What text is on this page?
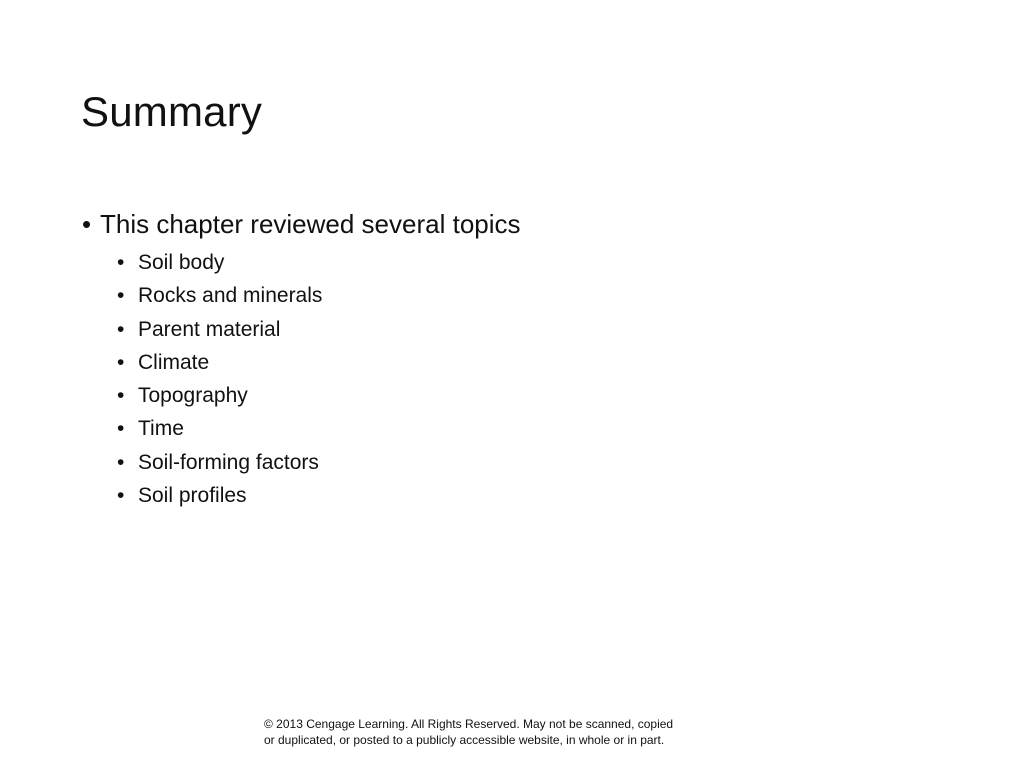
Summary
• This chapter reviewed several topics
• Soil body
• Rocks and minerals
• Parent material
• Climate
• Topography
• Time
• Soil-forming factors
• Soil profiles
© 2013 Cengage Learning. All Rights Reserved. May not be scanned, copied
or duplicated, or posted to a publicly accessible website, in whole or in part.
